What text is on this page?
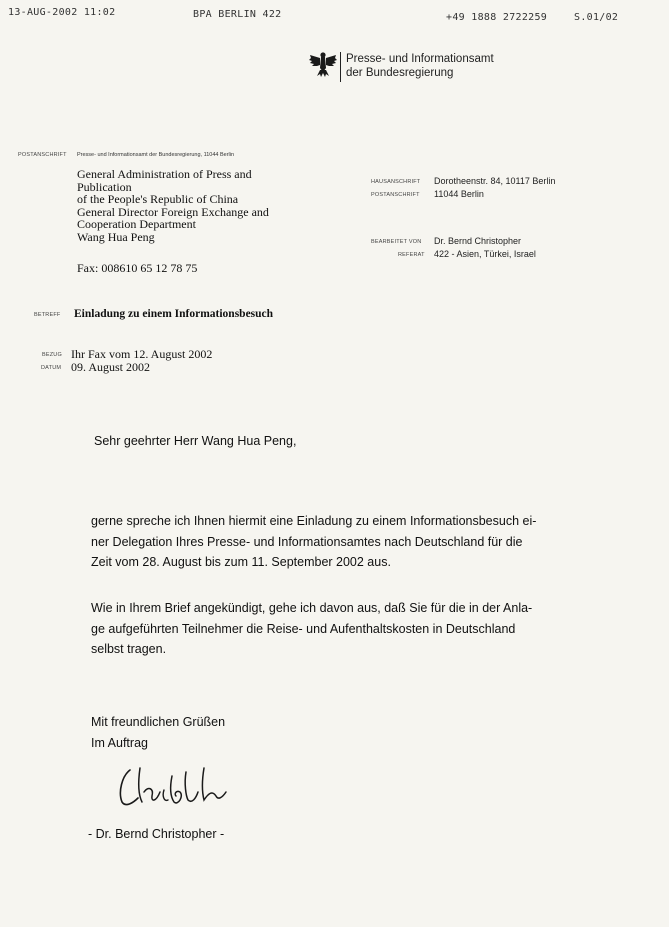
13-AUG-2002 11:02	BPA BERLIN 422	+49 1888 2722259	S.01/02
Presse- und Informationsamt
der Bundesregierung
POSTANSCHRIFT Presse- und Informationsamt der Bundesregierung, 11044 Berlin
General Administration of Press and
Publication
of the People's Republic of China
General Director Foreign Exchange and
Cooperation Department
Wang Hua Peng
Fax: 008610 65 12 78 75
HAUSANSCHRIFT Dorotheenstr. 84, 10117 Berlin
POSTANSCHRIFT 11044 Berlin
BEARBEITET VON Dr. Bernd Christopher
REFERAT 422 - Asien, Türkei, Israel
BETREFF Einladung zu einem Informationsbesuch
BEZUG Ihr Fax vom 12. August 2002
DATUM 09. August 2002
Sehr geehrter Herr Wang Hua Peng,
gerne spreche ich Ihnen hiermit eine Einladung zu einem Informationsbesuch ei-
ner Delegation Ihres Presse- und Informationsamtes nach Deutschland für die
Zeit vom 28. August bis zum 11. September 2002 aus.
Wie in Ihrem Brief angekündigt, gehe ich davon aus, daß Sie für die in der Anla-
ge aufgeführten Teilnehmer die Reise- und Aufenthaltskosten in Deutschland
selbst tragen.
Mit freundlichen Grüßen
Im Auftrag
- Dr. Bernd Christopher -
